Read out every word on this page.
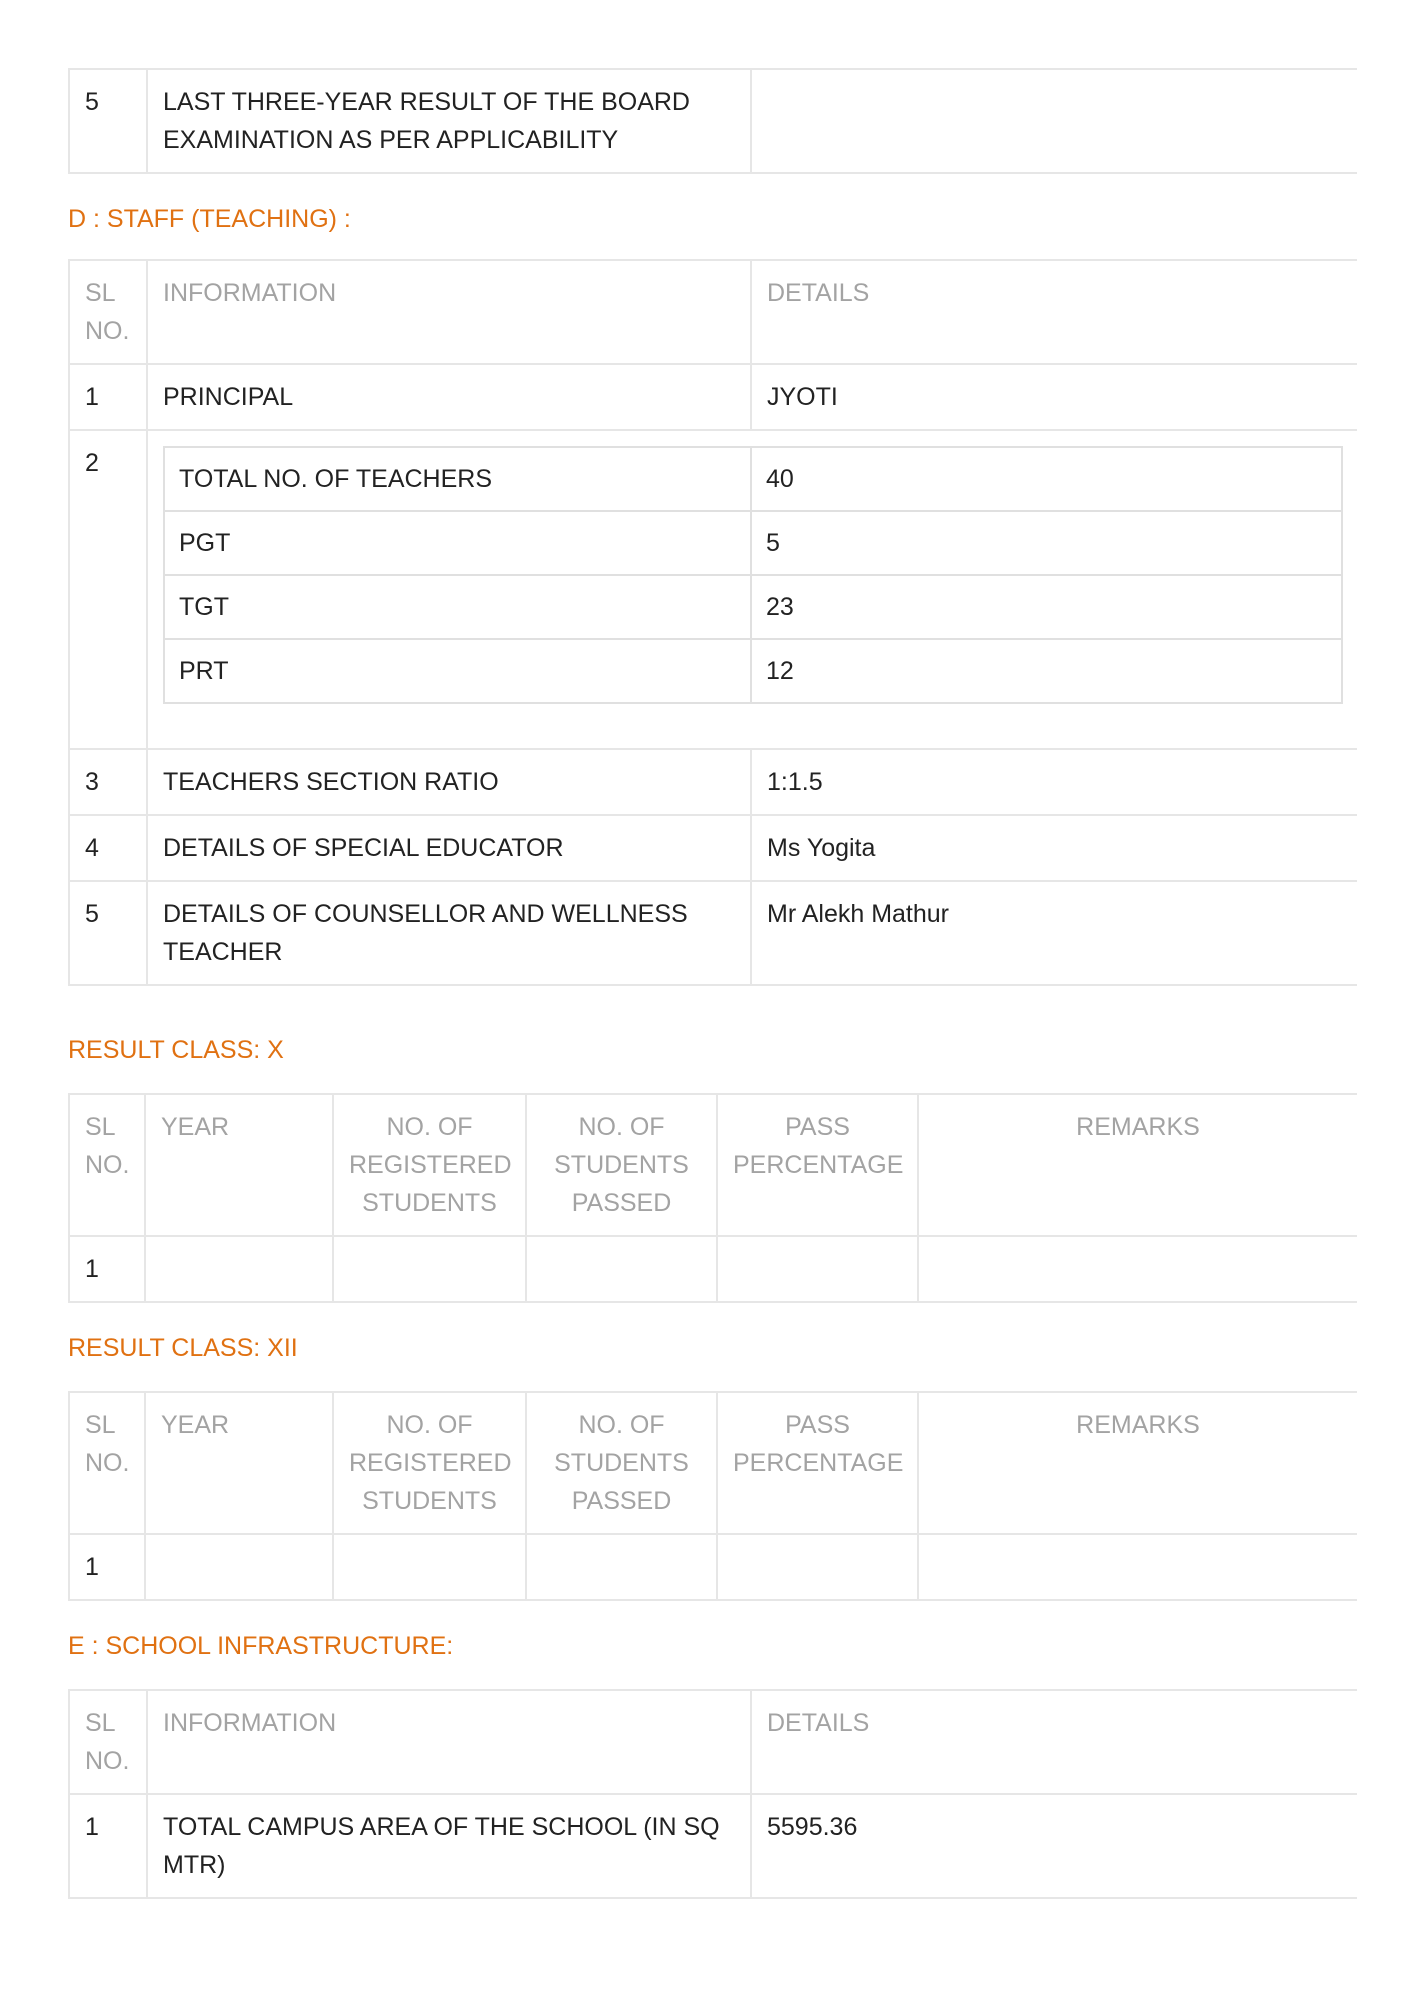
5	LAST THREE-YEAR RESULT OF THE BOARD EXAMINATION AS PER APPLICABILITY	
D : STAFF (TEACHING) :
SL NO.	INFORMATION	DETAILS
1	PRINCIPAL	JYOTI
2	
TOTAL NO. OF TEACHERS	40
PGT	5
TGT	23
PRT	12

3	TEACHERS SECTION RATIO	1:1.5
4	DETAILS OF SPECIAL EDUCATOR	Ms Yogita
5	DETAILS OF COUNSELLOR AND WELLNESS TEACHER	Mr Alekh Mathur
RESULT CLASS: X
SL NO.	YEAR	NO. OF REGISTERED STUDENTS	NO. OF STUDENTS PASSED	PASS PERCENTAGE	REMARKS
1					
RESULT CLASS: XII
SL NO.	YEAR	NO. OF REGISTERED STUDENTS	NO. OF STUDENTS PASSED	PASS PERCENTAGE	REMARKS
1					
E : SCHOOL INFRASTRUCTURE:
SL NO.	INFORMATION	DETAILS
1	TOTAL CAMPUS AREA OF THE SCHOOL (IN SQ MTR)	5595.36
